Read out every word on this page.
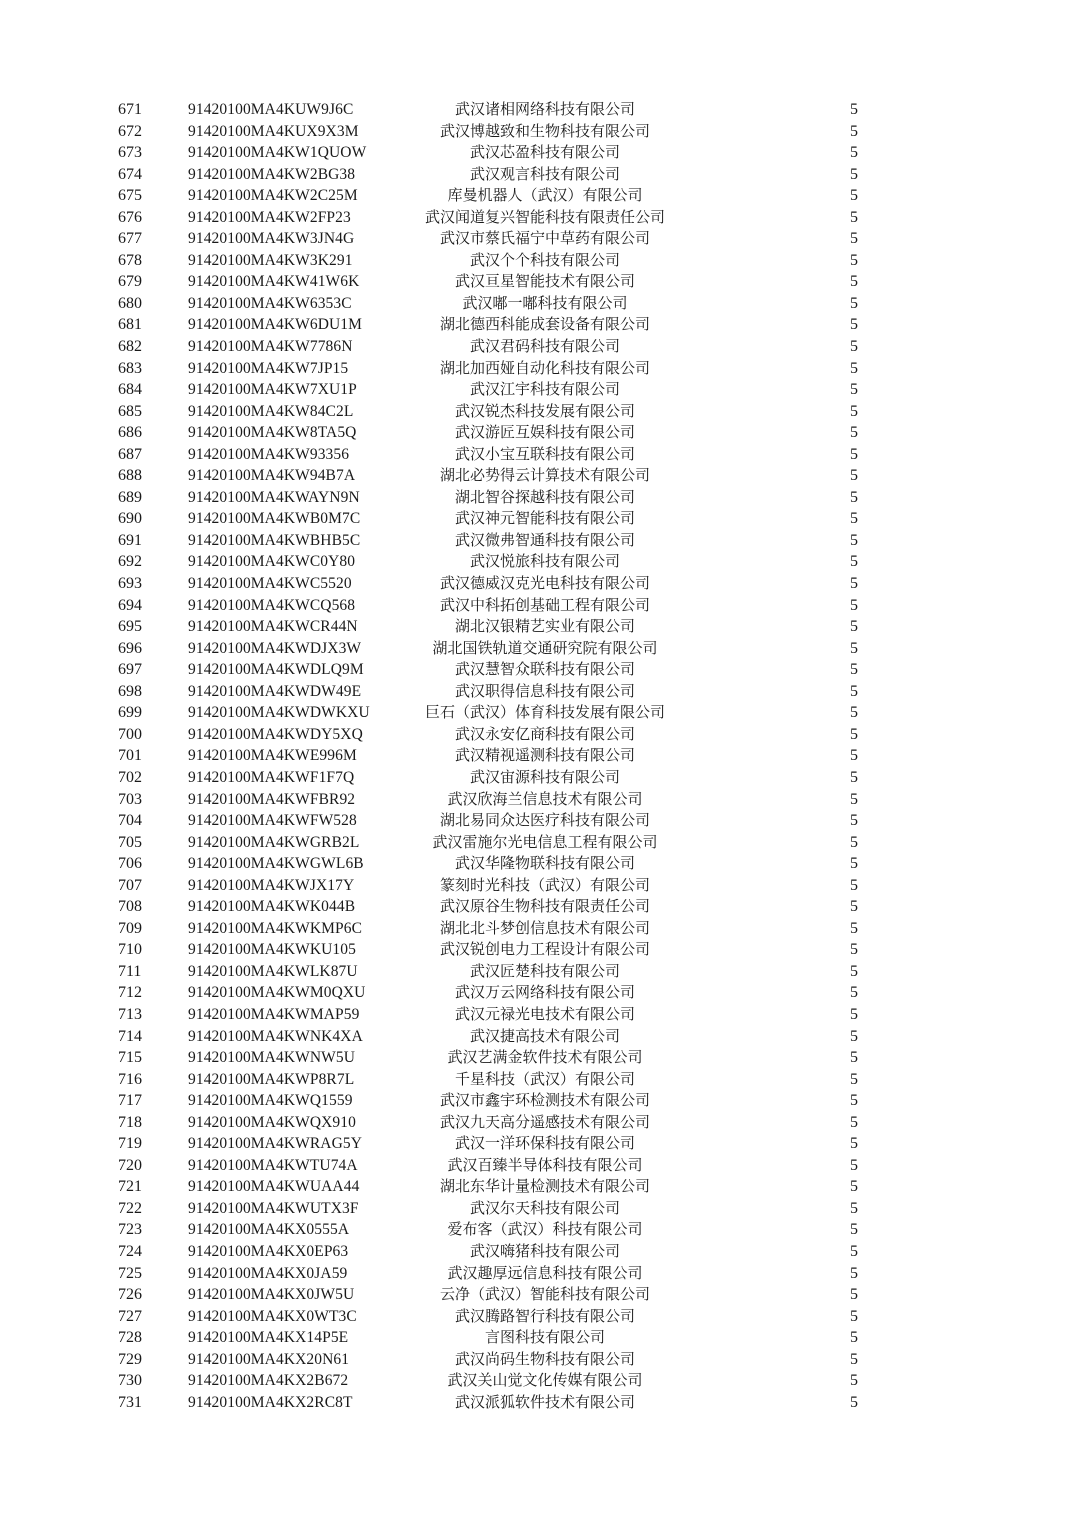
671	91420100MA4KUW9J6C	武汉诸相网络科技有限公司	5
672	91420100MA4KUX9X3M	武汉博越致和生物科技有限公司	5
673	91420100MA4KW1QUOW	武汉芯盈科技有限公司	5
674	91420100MA4KW2BG38	武汉观言科技有限公司	5
675	91420100MA4KW2C25M	库曼机器人（武汉）有限公司	5
676	91420100MA4KW2FP23	武汉闻道复兴智能科技有限责任公司	5
677	91420100MA4KW3JN4G	武汉市蔡氏福宁中草药有限公司	5
678	91420100MA4KW3K291	武汉个个科技有限公司	5
679	91420100MA4KW41W6K	武汉亘星智能技术有限公司	5
680	91420100MA4KW6353C	武汉嘟一嘟科技有限公司	5
681	91420100MA4KW6DU1M	湖北德西科能成套设备有限公司	5
682	91420100MA4KW7786N	武汉君码科技有限公司	5
683	91420100MA4KW7JP15	湖北加西娅自动化科技有限公司	5
684	91420100MA4KW7XU1P	武汉江宇科技有限公司	5
685	91420100MA4KW84C2L	武汉锐杰科技发展有限公司	5
686	91420100MA4KW8TA5Q	武汉游匠互娱科技有限公司	5
687	91420100MA4KW93356	武汉小宝互联科技有限公司	5
688	91420100MA4KW94B7A	湖北必势得云计算技术有限公司	5
689	91420100MA4KWAYN9N	湖北智谷探越科技有限公司	5
690	91420100MA4KWB0M7C	武汉神元智能科技有限公司	5
691	91420100MA4KWBHB5C	武汉微弗智通科技有限公司	5
692	91420100MA4KWC0Y80	武汉悦旅科技有限公司	5
693	91420100MA4KWC5520	武汉德威汉克光电科技有限公司	5
694	91420100MA4KWCQ568	武汉中科拓创基础工程有限公司	5
695	91420100MA4KWCR44N	湖北汉银精艺实业有限公司	5
696	91420100MA4KWDJX3W	湖北国铁轨道交通研究院有限公司	5
697	91420100MA4KWDLQ9M	武汉慧智众联科技有限公司	5
698	91420100MA4KWDW49E	武汉职得信息科技有限公司	5
699	91420100MA4KWDWKXU	巨石（武汉）体育科技发展有限公司	5
700	91420100MA4KWDY5XQ	武汉永安亿商科技有限公司	5
701	91420100MA4KWE996M	武汉精视遥测科技有限公司	5
702	91420100MA4KWF1F7Q	武汉宙源科技有限公司	5
703	91420100MA4KWFBR92	武汉欣海兰信息技术有限公司	5
704	91420100MA4KWFW528	湖北易同众达医疗科技有限公司	5
705	91420100MA4KWGRB2L	武汉雷施尔光电信息工程有限公司	5
706	91420100MA4KWGWL6B	武汉华隆物联科技有限公司	5
707	91420100MA4KWJX17Y	篆刻时光科技（武汉）有限公司	5
708	91420100MA4KWK044B	武汉原谷生物科技有限责任公司	5
709	91420100MA4KWKMP6C	湖北北斗梦创信息技术有限公司	5
710	91420100MA4KWKU105	武汉锐创电力工程设计有限公司	5
711	91420100MA4KWLK87U	武汉匠楚科技有限公司	5
712	91420100MA4KWM0QXU	武汉万云网络科技有限公司	5
713	91420100MA4KWMAP59	武汉元禄光电技术有限公司	5
714	91420100MA4KWNK4XA	武汉捷高技术有限公司	5
715	91420100MA4KWNW5U	武汉艺满金软件技术有限公司	5
716	91420100MA4KWP8R7L	千星科技（武汉）有限公司	5
717	91420100MA4KWQ1559	武汉市鑫宇环检测技术有限公司	5
718	91420100MA4KWQX910	武汉九天高分遥感技术有限公司	5
719	91420100MA4KWRAG5Y	武汉一洋环保科技有限公司	5
720	91420100MA4KWTU74A	武汉百臻半导体科技有限公司	5
721	91420100MA4KWUAA44	湖北东华计量检测技术有限公司	5
722	91420100MA4KWUTX3F	武汉尔天科技有限公司	5
723	91420100MA4KX0555A	爱布客（武汉）科技有限公司	5
724	91420100MA4KX0EP63	武汉嗨猪科技有限公司	5
725	91420100MA4KX0JA59	武汉趣厚远信息科技有限公司	5
726	91420100MA4KX0JW5U	云净（武汉）智能科技有限公司	5
727	91420100MA4KX0WT3C	武汉腾路智行科技有限公司	5
728	91420100MA4KX14P5E	言图科技有限公司	5
729	91420100MA4KX20N61	武汉尚码生物科技有限公司	5
730	91420100MA4KX2B672	武汉关山觉文化传媒有限公司	5
731	91420100MA4KX2RC8T	武汉派狐软件技术有限公司	5
